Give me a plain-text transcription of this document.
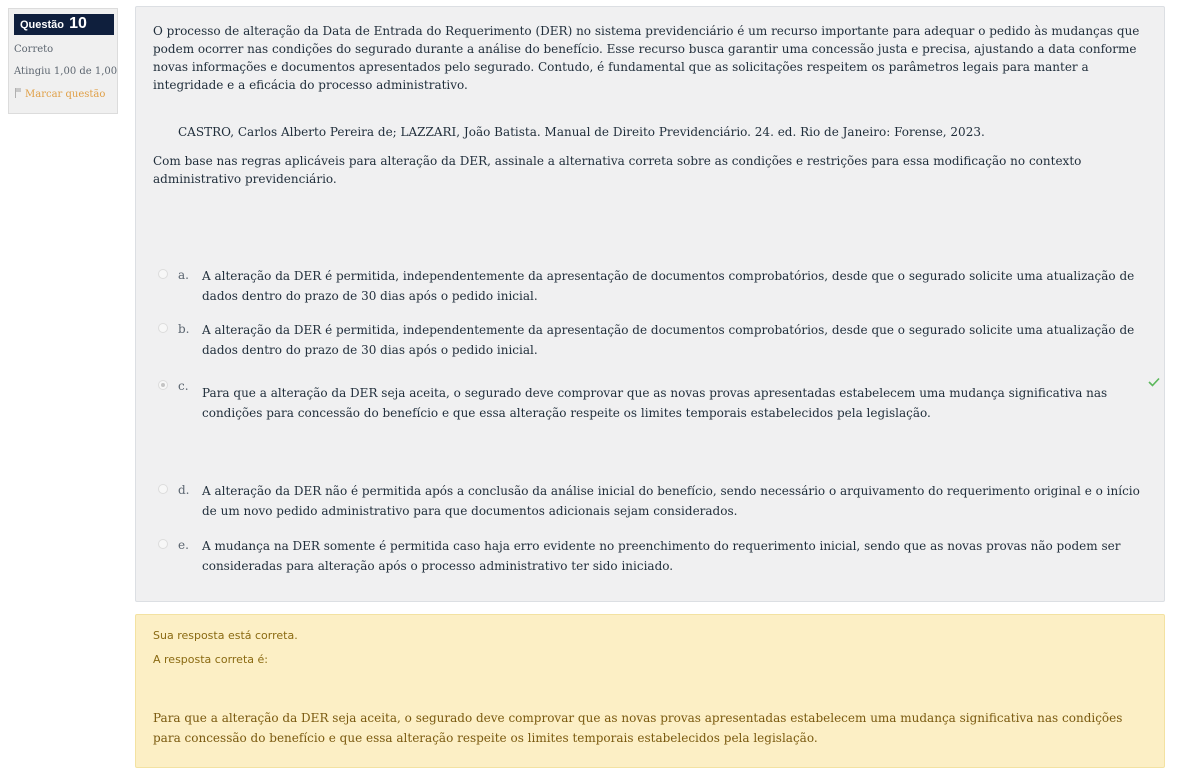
Questão 10
Correto
Atingiu 1,00 de 1,00
Marcar questão
O processo de alteração da Data de Entrada do Requerimento (DER) no sistema previdenciário é um recurso importante para adequar o pedido às mudanças que podem ocorrer nas condições do segurado durante a análise do benefício. Esse recurso busca garantir uma concessão justa e precisa, ajustando a data conforme novas informações e documentos apresentados pelo segurado. Contudo, é fundamental que as solicitações respeitem os parâmetros legais para manter a integridade e a eficácia do processo administrativo.
CASTRO, Carlos Alberto Pereira de; LAZZARI, João Batista. Manual de Direito Previdenciário. 24. ed. Rio de Janeiro: Forense, 2023.
Com base nas regras aplicáveis para alteração da DER, assinale a alternativa correta sobre as condições e restrições para essa modificação no contexto administrativo previdenciário.
a. A alteração da DER é permitida, independentemente da apresentação de documentos comprobatórios, desde que o segurado solicite uma atualização de dados dentro do prazo de 30 dias após o pedido inicial.
b. A alteração da DER é permitida, independentemente da apresentação de documentos comprobatórios, desde que o segurado solicite uma atualização de dados dentro do prazo de 30 dias após o pedido inicial.
c. Para que a alteração da DER seja aceita, o segurado deve comprovar que as novas provas apresentadas estabelecem uma mudança significativa nas condições para concessão do benefício e que essa alteração respeite os limites temporais estabelecidos pela legislação.
d. A alteração da DER não é permitida após a conclusão da análise inicial do benefício, sendo necessário o arquivamento do requerimento original e o início de um novo pedido administrativo para que documentos adicionais sejam considerados.
e. A mudança na DER somente é permitida caso haja erro evidente no preenchimento do requerimento inicial, sendo que as novas provas não podem ser consideradas para alteração após o processo administrativo ter sido iniciado.
Sua resposta está correta.
A resposta correta é:
Para que a alteração da DER seja aceita, o segurado deve comprovar que as novas provas apresentadas estabelecem uma mudança significativa nas condições para concessão do benefício e que essa alteração respeite os limites temporais estabelecidos pela legislação.
